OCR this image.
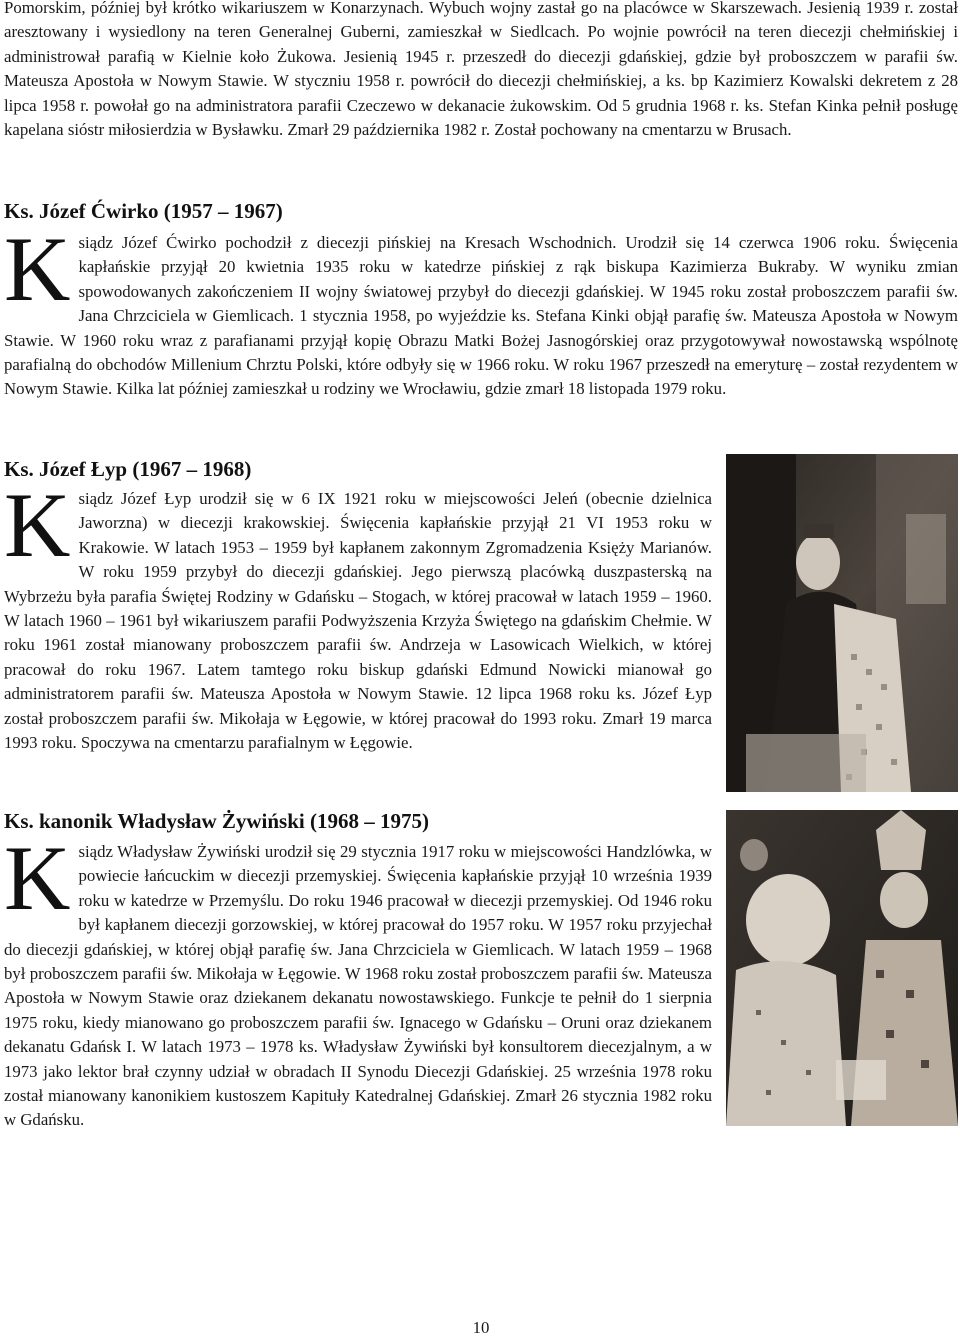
Pomorskim, później był krótko wikariuszem w Konarzynach. Wybuch wojny zastał go na placówce w Skarszewach. Jesienią 1939 r. został aresztowany i wysiedlony na teren Generalnej Guberni, zamieszkał w Siedlcach. Po wojnie powrócił na teren diecezji chełmińskiej i administrował parafią w Kielnie koło Żukowa. Jesienią 1945 r. przeszedł do diecezji gdańskiej, gdzie był proboszczem w parafii św. Mateusza Apostoła w Nowym Stawie. W styczniu 1958 r. powrócił do diecezji chełmińskiej, a ks. bp Kazimierz Kowalski dekretem z 28 lipca 1958 r. powołał go na administratora parafii Czeczewo w dekanacie żukowskim. Od 5 grudnia 1968 r. ks. Stefan Kinka pełnił posługę kapelana sióstr miłosierdzia w Bysławku. Zmarł 29 października 1982 r. Został pochowany na cmentarzu w Brusach.

Ks. Józef Ćwirko (1957 – 1967)
K siądz Józef Ćwirko pochodził z diecezji pińskiej na Kresach Wschodnich. Urodził się 14 czerwca 1906 roku. Święcenia kapłańskie przyjął 20 kwietnia 1935 roku w katedrze pińskiej z rąk biskupa Kazimierza Bukraby. W wyniku zmian spowodowanych zakończeniem II wojny światowej przybył do diecezji gdańskiej. W 1945 roku został proboszczem parafii św. Jana Chrzciciela w Giemlicach. 1 stycznia 1958, po wyjeździe ks. Stefana Kinki objął parafię św. Mateusza Apostoła w Nowym Stawie. W 1960 roku wraz z parafianami przyjął kopię Obrazu Matki Bożej Jasnogórskiej oraz przygotowywał nowostawską wspólnotę parafialną do obchodów Millenium Chrztu Polski, które odbyły się w 1966 roku. W roku 1967 przeszedł na emeryturę – został rezydentem w Nowym Stawie. Kilka lat później zamieszkał u rodziny we Wrocławiu, gdzie zmarł 18 listopada 1979 roku.
Ks. Józef Łyp (1967 – 1968)
K siądz Józef Łyp urodził się w 6 IX 1921 roku w miejscowości Jeleń (obecnie dzielnica Jaworzna) w diecezji krakowskiej. Święcenia kapłańskie przyjął 21 VI 1953 roku w Krakowie. W latach 1953 – 1959 był kapłanem zakonnym Zgromadzenia Księży Marianów. W roku 1959 przybył do diecezji gdańskiej. Jego pierwszą placówką duszpasterską na Wybrzeżu była parafia Świętej Rodziny w Gdańsku – Stogach, w której pracował w latach 1959 – 1960. W latach 1960 – 1961 był wikariuszem parafii Podwyższenia Krzyża Świętego na gdańskim Chełmie. W roku 1961 został mianowany proboszczem parafii św. Andrzeja w Lasowicach Wielkich, w której pracował do roku 1967. Latem tamtego roku biskup gdański Edmund Nowicki mianował go administratorem parafii św. Mateusza Apostoła w Nowym Stawie. 12 lipca 1968 roku ks. Józef Łyp został proboszczem parafii św. Mikołaja w Łęgowie, w której pracował do 1993 roku. Zmarł 19 marca 1993 roku. Spoczywa na cmentarzu parafialnym w Łęgowie.
Ks. kanonik Władysław Żywiński (1968 – 1975)
K siądz Władysław Żywiński urodził się 29 stycznia 1917 roku w miejscowości Handzlówka, w powiecie łańcuckim w diecezji przemyskiej. Święcenia kapłańskie przyjął 10 września 1939 roku w katedrze w Przemyślu. Do roku 1946 pracował w diecezji przemyskiej. Od 1946 roku był kapłanem diecezji gorzowskiej, w której pracował do 1957 roku. W 1957 roku przyjechał do diecezji gdańskiej, w której objął parafię św. Jana Chrzciciela w Giemlicach. W latach 1959 – 1968 był proboszczem parafii św. Mikołaja w Łęgowie. W 1968 roku został proboszczem parafii św. Mateusza Apostoła w Nowym Stawie oraz dziekanem dekanatu nowostawskiego. Funkcje te pełnił do 1 sierpnia 1975 roku, kiedy mianowano go proboszczem parafii św. Ignacego w Gdańsku – Oruni oraz dziekanem dekanatu Gdańsk I. W latach 1973 – 1978 ks. Władysław Żywiński był konsultorem diecezjalnym, a w 1973 jako lektor brał czynny udział w obradach II Synodu Diecezji Gdańskiej. 25 września 1978 roku został mianowany kanonikiem kustoszem Kapituły Katedralnej Gdańskiej. Zmarł 26 stycznia 1982 roku w Gdańsku.
10
